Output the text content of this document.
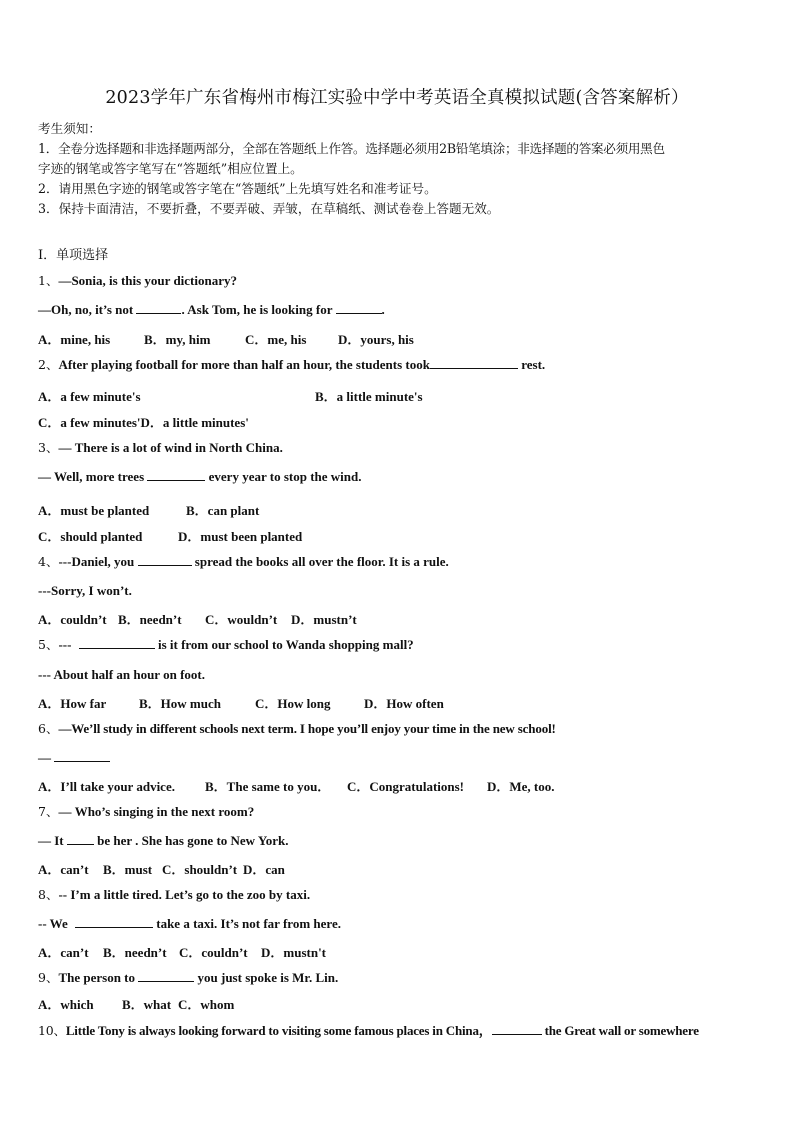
2023学年广东省梅州市梅江实验中学中考英语全真模拟试题(含答案解析）

考生须知：

1．全卷分选择题和非选择题两部分，全部在答题纸上作答。选择题必须用2B铅笔填涂；非选择题的答案必须用黑色

字迹的钢笔或答字笔写在“答题纸”相应位置上。

2．请用黑色字迹的钢笔或答字笔在“答题纸”上先填写姓名和准考证号。

3．保持卡面清洁，不要折叠，不要弄破、弄皱，在草稿纸、测试卷卷上答题无效。

Ⅰ．单项选择
1、—Sonia, is this your dictionary?
—Oh, no, it’s not	. Ask Tom, he is looking for	.
A．mine, his	B．my, him	C．me, his D．yours, his
2、After playing football for more than half an hour, the students took	rest.
A．a few minute's	B．a little minute's
C．a few minutes'D．a little minutes'
3、— There is a lot of wind in North China.
— Well, more trees	every year to stop the wind.
A．must be planted	B．can plant
C．should planted	D．must been planted
4、---Daniel, you	spread the books all over the floor. It is a rule.
---Sorry, I won’t.
A．couldn’t B．needn’t C．wouldn’t D．mustn’t
5、---	is it from our school to Wanda shopping mall?
--- About half an hour on foot.
A．How far	B．How much	C．How long	D．How often
6、—We’ll study in different schools next term. I hope you’ll enjoy your time in the new school!
—
A．I’ll take your advice. B．The same to you． C．Congratulations! D．Me, too.
7、— Who’s singing in the next room?
— It  be her . She has gone to New York.
A．can’t B．must C．shouldn’t D．can
8、-- I’m a little tired. Let’s go to the zoo by taxi.
-- We	take a taxi. It’s not far from here.
A．can’t B．needn’t C．couldn’t D．mustn't
9、The person to	you just spoke is Mr. Lin.
A．which B．what C．whom
10、Little Tony is always looking forward to visiting some famous places in China，	the Great wall or somewhere
